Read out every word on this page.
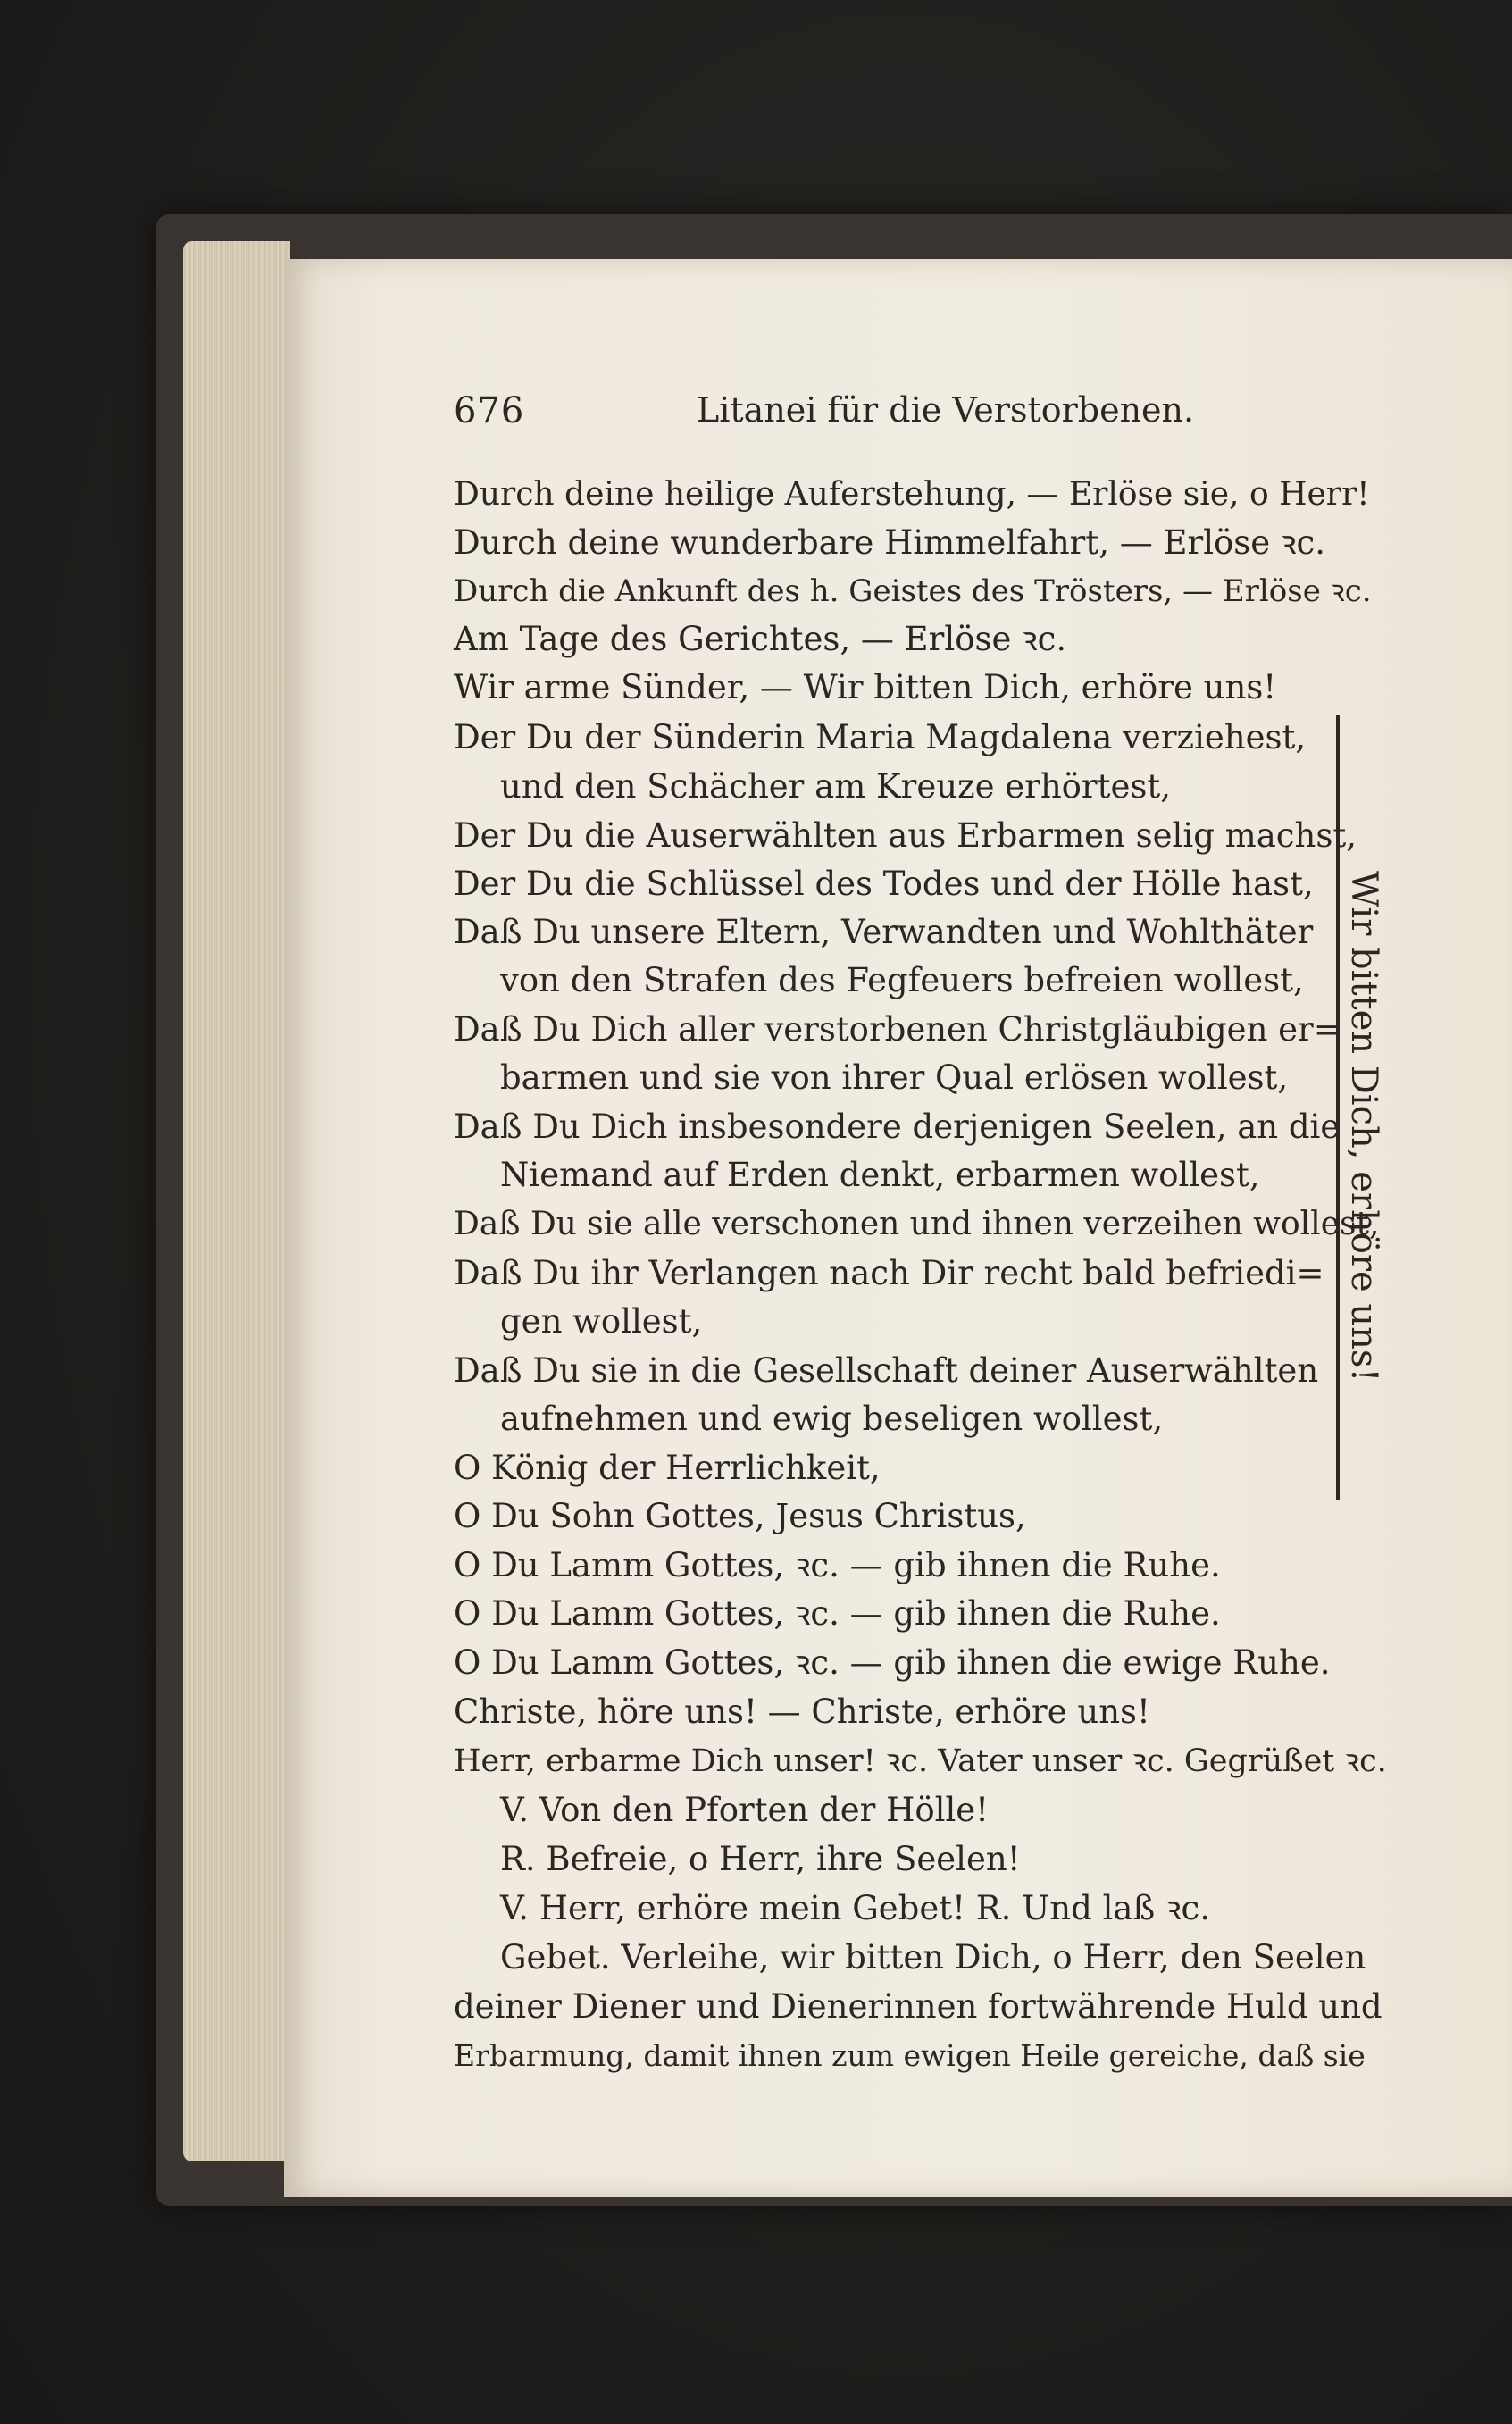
676	Litanei für die Verstorbenen.
Durch deine heilige Auferstehung, — Erlöse sie, o Herr!
Durch deine wunderbare Himmelfahrt, — Erlöse ꝛc.
Durch die Ankunft des h. Geistes des Trösters, — Erlöse ꝛc.
Am Tage des Gerichtes, — Erlöse ꝛc.
Wir arme Sünder, — Wir bitten Dich, erhöre uns!
Der Du der Sünderin Maria Magdalena verziehest,
und den Schächer am Kreuze erhörtest,
Der Du die Auserwählten aus Erbarmen selig machst,
Der Du die Schlüssel des Todes und der Hölle hast,
Daß Du unsere Eltern, Verwandten und Wohlthäter
von den Strafen des Fegfeuers befreien wollest,
Daß Du Dich aller verstorbenen Christgläubigen er=
barmen und sie von ihrer Qual erlösen wollest,
Daß Du Dich insbesondere derjenigen Seelen, an die
Niemand auf Erden denkt, erbarmen wollest,
Daß Du sie alle verschonen und ihnen verzeihen wollest,
Daß Du ihr Verlangen nach Dir recht bald befriedi=
gen wollest,
Daß Du sie in die Gesellschaft deiner Auserwählten
aufnehmen und ewig beseligen wollest,
O König der Herrlichkeit,
O Du Sohn Gottes, Jesus Christus,
O Du Lamm Gottes, ꝛc. — gib ihnen die Ruhe.
O Du Lamm Gottes, ꝛc. — gib ihnen die Ruhe.
O Du Lamm Gottes, ꝛc. — gib ihnen die ewige Ruhe.
Christe, höre uns! — Christe, erhöre uns!
Herr, erbarme Dich unser! ꝛc. Vater unser ꝛc. Gegrüßet ꝛc.
V. Von den Pforten der Hölle!
R. Befreie, o Herr, ihre Seelen!
V. Herr, erhöre mein Gebet! R. Und laß ꝛc.
Gebet. Verleihe, wir bitten Dich, o Herr, den Seelen
deiner Diener und Dienerinnen fortwährende Huld und
Erbarmung, damit ihnen zum ewigen Heile gereiche, daß sie
Wir bitten Dich, erhöre uns!
